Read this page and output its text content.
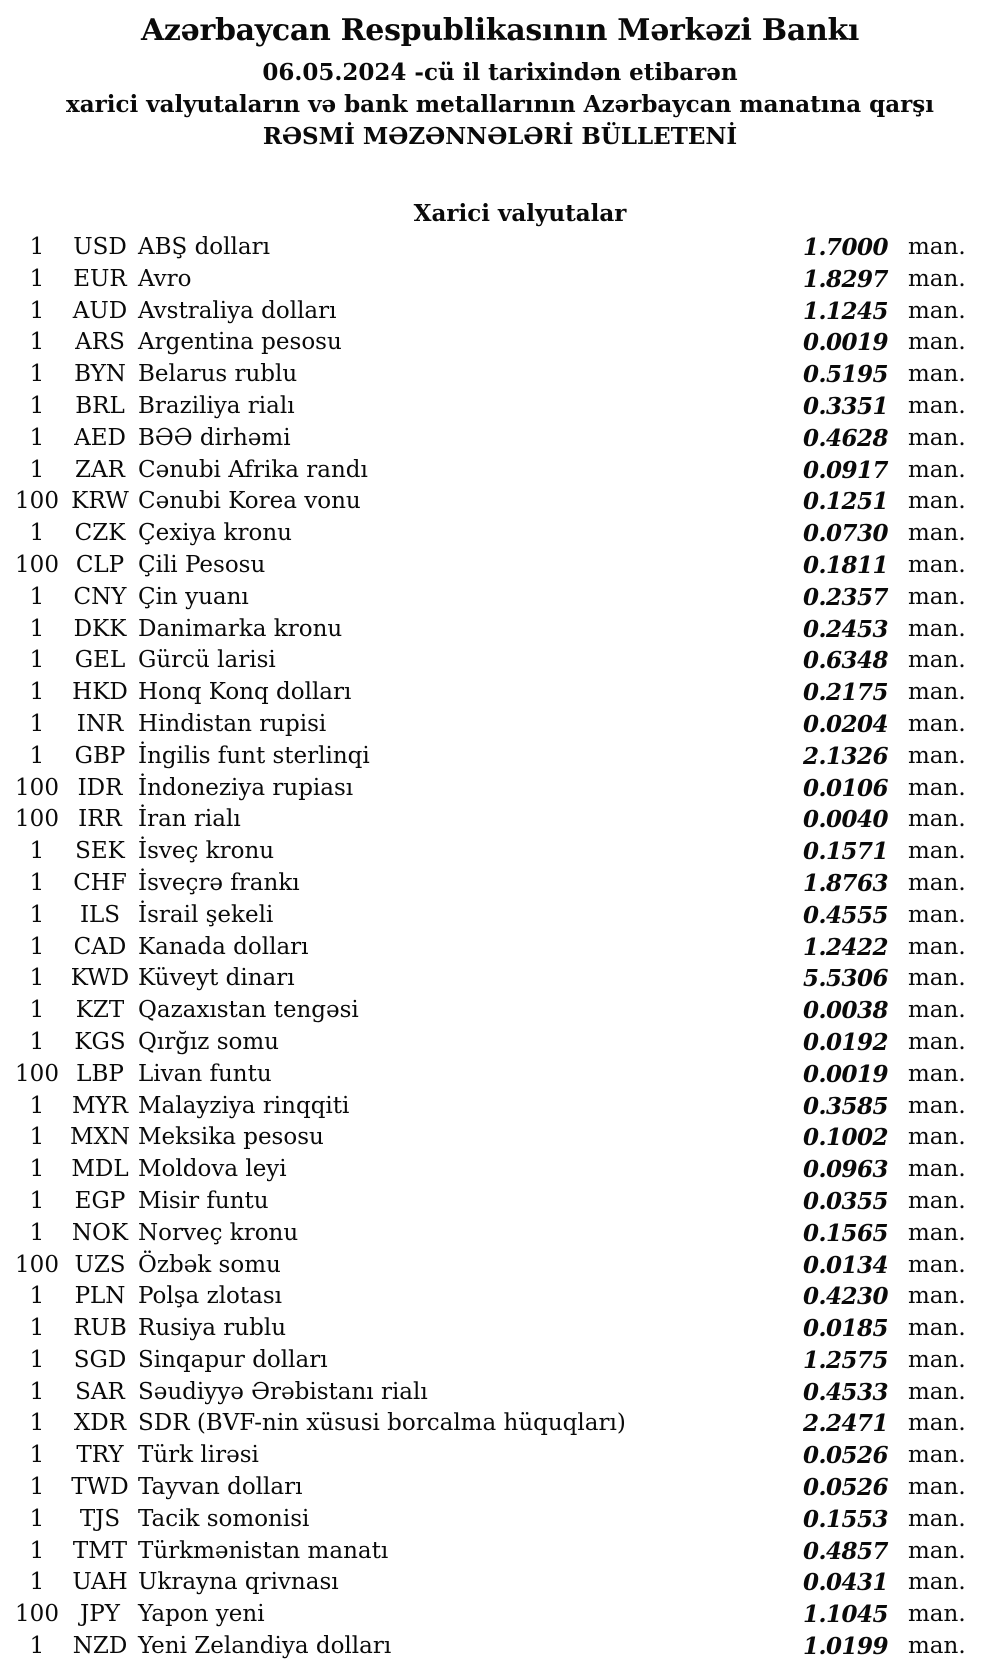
Azərbaycan Respublikasının Mərkəzi Bankı
06.05.2024 -cü il tarixindən etibarən
xarici valyutaların və bank metallarının Azərbaycan manatına qarşı
RƏSMİ MƏZƏNNƏLƏRİ BÜLLETENİ
Xarici valyutalar
1	USD ABŞ dolları	1.7000 man.
1	EUR Avro	1.8297 man.
1	AUD Avstraliya dolları	1.1245 man.
1	ARS Argentina pesosu	0.0019 man.
1	BYN Belarus rublu	0.5195 man.
1	BRL Braziliya rialı	0.3351 man.
1	AED BƏƏ dirhəmi	0.4628 man.
1	ZAR Cənubi Afrika randı	0.0917 man.
100 KRW Cənubi Korea vonu	0.1251 man.
1	CZK Çexiya kronu	0.0730 man.
100 CLP Çili Pesosu	0.1811 man.
1	CNY Çin yuanı	0.2357 man.
1	DKK Danimarka kronu	0.2453 man.
1	GEL Gürcü larisi	0.6348 man.
1	HKD Honq Konq dolları	0.2175 man.
1	INR Hindistan rupisi	0.0204 man.
1	GBP İngilis funt sterlinqi	2.1326 man.
100 IDR İndoneziya rupiası	0.0106 man.
100 IRR İran rialı	0.0040 man.
1	SEK İsveç kronu	0.1571 man.
1	CHF İsveçrə frankı	1.8763 man.
1	ILS İsrail şekeli	0.4555 man.
1	CAD Kanada dolları	1.2422 man.
1	KWD Küveyt dinarı	5.5306 man.
1	KZT Qazaxıstan tengəsi	0.0038 man.
1	KGS Qırğız somu	0.0192 man.
100 LBP Livan funtu	0.0019 man.
1	MYR Malayziya rinqqiti	0.3585 man.
1	MXN Meksika pesosu	0.1002 man.
1	MDL Moldova leyi	0.0963 man.
1	EGP Misir funtu	0.0355 man.
1	NOK Norveç kronu	0.1565 man.
100 UZS Özbək somu	0.0134 man.
1	PLN Polşa zlotası	0.4230 man.
1	RUB Rusiya rublu	0.0185 man.
1	SGD Sinqapur dolları	1.2575 man.
1	SAR Səudiyyə Ərəbistanı rialı	0.4533 man.
1	XDR SDR (BVF-nin xüsusi borcalma hüquqları)	2.2471 man.
1	TRY Türk lirəsi	0.0526 man.
1	TWD Tayvan dolları	0.0526 man.
1	TJS Tacik somonisi	0.1553 man.
1	TMT Türkmənistan manatı	0.4857 man.
1	UAH Ukrayna qrivnası	0.0431 man.
100 JPY Yapon yeni	1.1045 man.
1	NZD Yeni Zelandiya dolları	1.0199 man.
